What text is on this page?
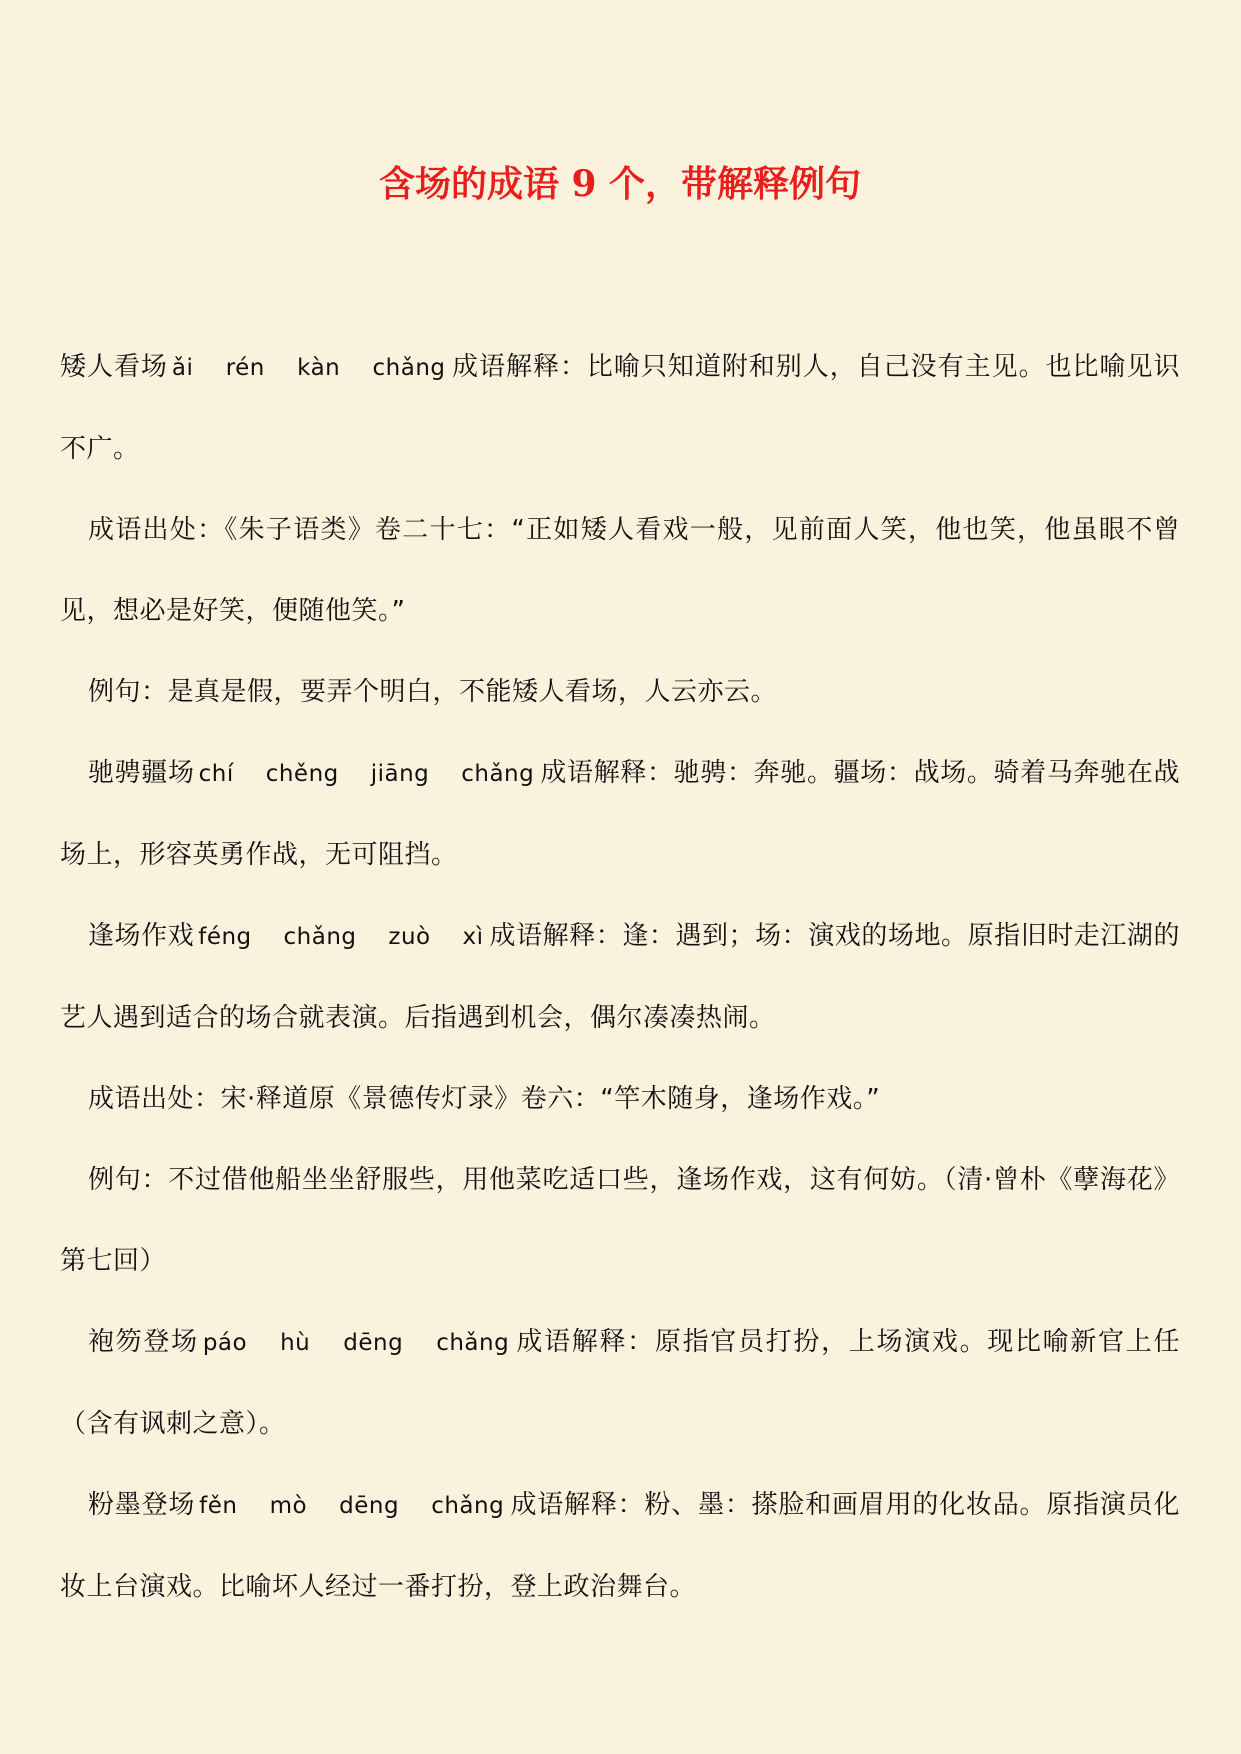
含场的成语 9 个，带解释例句

矮人看场 ǎi rén kàn chǎng 成语解释：比喻只知道附和别人，自己没有主见。也比喻见识不广。

成语出处：《朱子语类》卷二十七：“正如矮人看戏一般，见前面人笑，他也笑，他虽眼不曾见，想必是好笑，便随他笑。”

例句：是真是假，要弄个明白，不能矮人看场，人云亦云。

驰骋疆场 chí chěng jiāng chǎng 成语解释：驰骋：奔驰。疆场：战场。骑着马奔驰在战场上，形容英勇作战，无可阻挡。

逢场作戏 féng chǎng zuò xì 成语解释：逢：遇到；场：演戏的场地。原指旧时走江湖的艺人遇到适合的场合就表演。后指遇到机会，偶尔凑凑热闹。

成语出处：宋·释道原《景德传灯录》卷六：“竿木随身，逢场作戏。”

例句：不过借他船坐坐舒服些，用他菜吃适口些，逢场作戏，这有何妨。（清·曾朴《孽海花》第七回）

袍笏登场 páo hù dēng chǎng 成语解释：原指官员打扮，上场演戏。现比喻新官上任（含有讽刺之意）。

粉墨登场 fěn mò dēng chǎng 成语解释：粉、墨：搽脸和画眉用的化妆品。原指演员化妆上台演戏。比喻坏人经过一番打扮，登上政治舞台。
